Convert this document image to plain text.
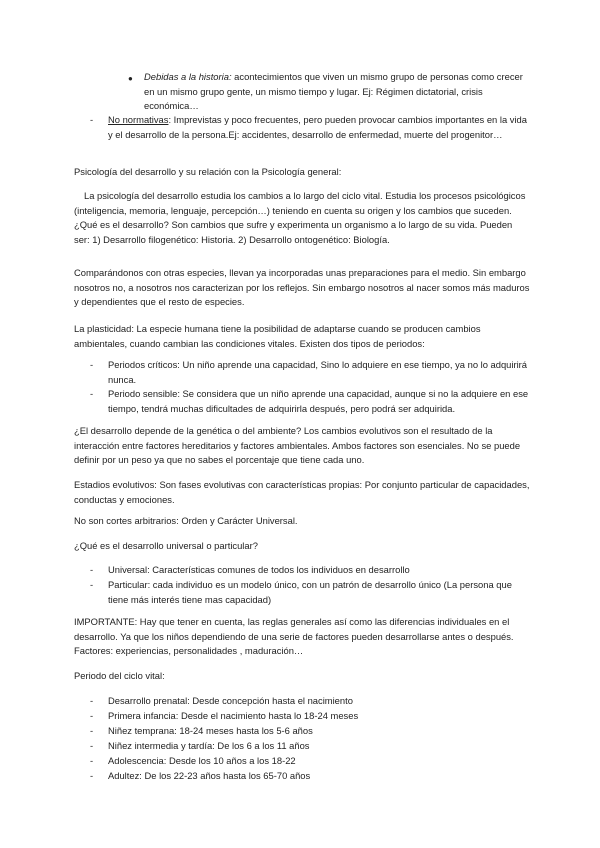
● Debidas a la historia: acontecimientos que viven un mismo grupo de personas como crecer en un mismo grupo gente, un mismo tiempo y lugar. Ej: Régimen dictatorial, crisis económica…
- No normativas: Imprevistas y poco frecuentes, pero pueden provocar cambios importantes en la vida y el desarrollo de la persona.Ej: accidentes, desarrollo de enfermedad, muerte del progenitor…

Psicología del desarrollo y su relación con la Psicología general:

La psicología del desarrollo estudia los cambios a lo largo del ciclo vital. Estudia los procesos psicológicos (inteligencia, memoria, lenguaje, percepción…) teniendo en cuenta su origen y los cambios que suceden. ¿Qué es el desarrollo? Son cambios que sufre y experimenta un organismo a lo largo de su vida. Pueden ser: 1) Desarrollo filogenético: Historia. 2) Desarrollo ontogenético: Biología.

Comparándonos con otras especies, llevan ya incorporadas unas preparaciones para el medio. Sin embargo nosotros no, a nosotros nos caracterizan por los reflejos. Sin embargo nosotros al nacer somos más maduros y dependientes que el resto de especies.

La plasticidad: La especie humana tiene la posibilidad de adaptarse cuando se producen cambios ambientales, cuando cambian las condiciones vitales. Existen dos tipos de periodos:

- Periodos críticos: Un niño aprende una capacidad, Sino lo adquiere en ese tiempo, ya no lo adquirirá nunca.
- Periodo sensible: Se considera que un niño aprende una capacidad, aunque si no la adquiere en ese tiempo, tendrá muchas dificultades de adquirirla después, pero podrá ser adquirida.

¿El desarrollo depende de la genética o del ambiente? Los cambios evolutivos son el resultado de la interacción entre factores hereditarios y factores ambientales. Ambos factores son esenciales. No se puede definir por un peso ya que no sabes el porcentaje que tiene cada uno.

Estadios evolutivos: Son fases evolutivas con características propias: Por conjunto particular de capacidades, conductas y emociones.

No son cortes arbitrarios: Orden y Carácter Universal.

¿Qué es el desarrollo universal o particular?

- Universal: Características comunes de todos los individuos en desarrollo
- Particular: cada individuo es un modelo único, con un patrón de desarrollo único (La persona que tiene más interés tiene mas capacidad)

IMPORTANTE: Hay que tener en cuenta, las reglas generales así como las diferencias individuales en el desarrollo. Ya que los niños dependiendo de una serie de factores pueden desarrollarse antes o después. Factores: experiencias, personalidades , maduración…

Periodo del ciclo vital:

- Desarrollo prenatal: Desde concepción hasta el nacimiento
- Primera infancia: Desde el nacimiento hasta lo 18-24 meses
- Niñez temprana: 18-24 meses hasta los 5-6 años
- Niñez intermedia y tardía: De los 6 a los 11 años
- Adolescencia: Desde los 10 años a los 18-22
- Adultez: De los 22-23 años hasta los 65-70 años
